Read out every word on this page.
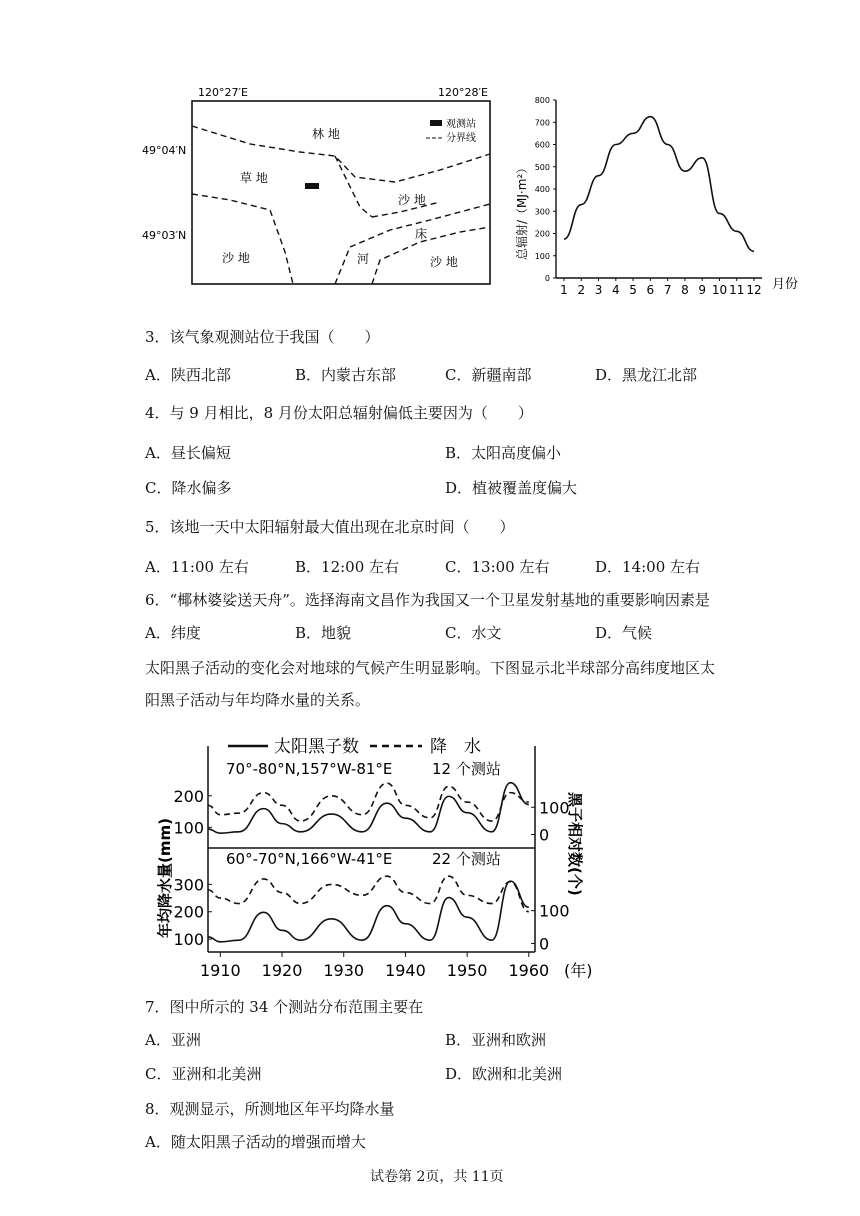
120°27′E	120°28′E
49°04′N
49°03′N
林 地
草 地
沙 地
床
河
沙 地	沙 地
观测站
分界线
总辐射/（MJ·m²）
0
100
200
300
400
500
600
700
800
1 2 3 4 5 6 7 8 9 10 11 12 月份
3．该气象观测站位于我国（　　）
A．陕西北部	B．内蒙古东部	C．新疆南部	D．黑龙江北部
4．与 9 月相比，8 月份太阳总辐射偏低主要因为（　　）
A．昼长偏短	B．太阳高度偏小
C．降水偏多	D．植被覆盖度偏大
5．该地一天中太阳辐射最大值出现在北京时间（　　）
A．11:00 左右	B．12:00 左右	C．13:00 左右	D．14:00 左右
6．“椰林婆娑送天舟”。选择海南文昌作为我国又一个卫星发射基地的重要影响因素是
A．纬度	B．地貌	C．水文	D．气候
太阳黑子活动的变化会对地球的气候产生明显影响。下图显示北半球部分高纬度地区太
阳黑子活动与年均降水量的关系。
太阳黑子数	降　水
70°-80°N,157°W-81°E	12 个测站
60°-70°N,166°W-41°E	22 个测站
年均降水量(mm)	黑子相对数(个)
(年)
1910 1920 1930 1940 1950 1960
200
100
100
0
300
200
100
100
0
7．图中所示的 34 个测站分布范围主要在
A．亚洲	B．亚洲和欧洲
C．亚洲和北美洲	D．欧洲和北美洲
8．观测显示，所测地区年平均降水量
A．随太阳黑子活动的增强而增大
试卷第 2页，共 11页
